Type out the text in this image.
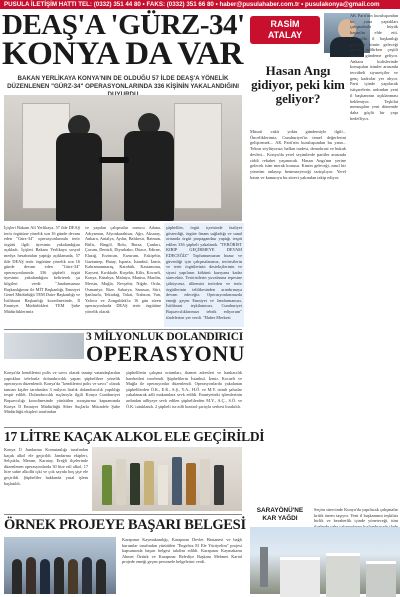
PUSULA İLETİŞİM HATTI TEL: (0332) 351 44 80 • FAKS: (0332) 351 66 80 • haber@pusulahaber.com.tr • pusulakonya@gmail.com
DEAŞ'A 'GÜRZ-34'
KONYA DA VAR
BAKAN YERLİKAYA KONYA'NIN DE OLDUĞU 57 İLDE DEAŞ'A YÖNELİK DÜZENLENEN "GÜRZ-34" OPERASYONLARINDA 336 KİŞİNİN YAKALANDIĞINI
İçişleri Bakanı Ali Yerlikaya, 57 ilde DEAŞ terör örgütüne yönelik son 16 günde devam eden "Gürz-34" operasyonlarında terör örgütü ilgili üyesinin yakalandığını açıkladı. İçişleri Bakanı Yerlikaya sosyal medya hesabından yaptığı açıklamada, 57 ilde DEAŞ terör örgütüne yönelik son 16 günde devam eden "Gürz-34" operasyonlarında 336 şüpheli örgüt üyesinin yakalandığını belirterek şu bilgileri verdi: "Jandarmamız Başkanlığımız ile MİT Başkanlığı, Emniyet Genel Müdürlüğü TEM Daire Başkanlığı ve İstihbarat Başkanlığı koordinesinde, İl Emniyet Müdürlükleri TEM Şube Müdürlüklerimiz
ve yapılan çalışmalar sonucu Adana, Adıyaman, Afyonkarahisar, Ağrı, Aksaray, Ankara, Antalya, Aydın, Balıkesir, Batman, Bitlis, Bingöl, Bolu, Bursa, Çankırı, Çorum, Denizli, Diyarbakır, Düzce, Edirne, Elazığ, Erzincan, Erzurum, Eskişehir, Gaziantep, Hatay, Isparta, İstanbul, İzmir, Kahramanmaraş, Karabük, Kastamonu, Kayseri, Kırıkkale, Kırşehir, Kilis, Kocaeli, Konya, Kütahya, Malatya, Manisa, Mardin, Mersin, Muğla, Nevşehir, Niğde, Ordu, Osmaniye, Rize, Sakarya, Samsun, Siirt, Şanlıurfa, Tekirdağ, Tokat, Trabzon, Van, Yalova ve Zonguldak'ta 16 gün süren operasyonlarda DEAŞ terör örgütüne yönelik olarak
şüpheliler, örgüt içerisinde faaliyet gösterdiği, örgüte finans sağladığı ve sanal ortamda örgüt propagandası yaptığı tespit edilen 336 şüpheli yakalandı. "TERÖRİST KIRIP GEÇİRMEYE DEVAM EDECEĞİZ" Toplumumuzun huzur ve güvenliği için çalışmalarımız, teröristlerin ve terör örgütlerinin destekçilerinin ve siyasi yapıların kökünü kazıyana kadar sürecektir. Teröristlerin yuvalarına tepesine çöküyoruz, ülkemizi terörden ve terör örgütlerinin tehlikesinden arındırmaya devam edeceğiz. Operasyonlarımızda emeği geçen Emniyet ve Jandarmamızı, İstihbarat teşkilatımızı, Cumhuriyet Başsavcılıklarımızı tebrik ediyorum" ifadelerine yer verdi. "Haber Merkezi
3 MİLYONLUK DOLANDIRICI
OPERASYONU
Konya'da kendilerini polis ve savcı olarak tanıtıp vatandaşlardan yaptıkları telefonla dolandırıcılık yapan şüphelilere yönelik operasyon düzenlendi. Konya'da "kendilerini polis ve savcı" olarak tanıtan kişiler tarafından 3 milyon liralık dolandırıcılık yapıldığı tespit edildi. Dolandırıcılık suçlarıyla ilgili Konya Cumhuriyet Başsavcılığı koordinesinde yürütülen soruşturma kapsamında Konya İl Emniyet Müdürlüğü Siber Suçlarla Mücadele Şube Müdürlüğü ekipleri tarafından
şüphelilerin çalışma ortamları, ikamet adresleri ve bankacılık hareketleri incelendi. Şüphelilerin İstanbul, İzmir, Kocaeli ve Muğla ile operasyonlar düzenlendi. Operasyonlarda yakalanan şüphelilerden Ö.K., E.K., S.Ş., Y.A., H.Ö. ve M.Y. isimli şahıslar yakalanarak adli makamlara sevk edildi. Emniyetteki işlemlerinin ardından adliyeye sevk edilen şüphelilerden M.Y., A.Ç., S.Ö. ve Ö.K. tutuklandı. 2 şüpheli ise adli kontrol şartıyla serbest bırakıldı.
17 LİTRE KAÇAK ALKOL ELE GEÇİRİLDİ
Konya İl Jandarma Komutanlığı tarafından kaçak alkol ele geçirildi. Jandarma ekipleri, Selçuklu, Meram, Karatay, Ereğli ilçelerinde düzenlenen operasyonlarda 30 litre etil alkol, 17 litre sahte alkollü içki ve çok sayıda boş şişe ele geçirildi. Şüpheliler hakkında yasal işlem başlatıldı.
ÖRNEK PROJEYE BAŞARI BELGESİ
Karapınar Kaymakamlığı, Karapınar Devlet Hastanesi ve bağlı kurumlar tarafından yürütülen "Engelsiz El Ele Yürüyelim" projesi kapsamında başarı belgesi takdim edildi. Karapınar Kaymakamı Ahmet Öztürk ve Karapınar Belediye Başkanı Mehmet Kartal projede emeği geçen personele belgelerini verdi.
RASİM
ATALAY
Hasan Angı gidiyor, peki kim geliyor?
Müsait vakit yoktu gündemiyle ilgili... Önceliklerimiz, Cumhuriyet'in temel değerlerini geliştirmek... AK Parti'nin kuruluşundan bu yana... Tekrar söylüyoruz; halkın iradesi, demokrasi ve hukuk devleti... Konya'da yerel seçimlerde partiler arasında ciddi rekabet yaşanacak. Hasan Angı'nın yerine gelecek isim merak konusu. Kimin geleceği, nasıl bir yönetim anlayışı benimseyeceği tartışılıyor. Yerel basın ve kamuoyu bu süreci yakından takip ediyor.
AK Parti'nin kuruluşundan bu yana yaptıkları çalışmalarla büyük başarılar elde etti. Konya'da il başkanlığı görevine kimin geleceği merak edilirken çeşitli isimler gündeme geliyor. Ankara kulislerinde konuşulan isimler arasında tecrübeli siyasetçiler ve genç kadrolar yer alıyor. Parti içinde yapılacak istişarelerin ardından yeni il başkanının açıklanması bekleniyor. Teşkilat mensupları yeni dönemde daha güçlü bir yapı hedefliyor.
Seçim sürecinde Konya'da yapılacak çalışmalar kritik önem taşıyor. Yeni il başkanının teşkilatı birlik ve beraberlik içinde yöneteceği, tüm
SARAYÖNÜ'NE KAR YAĞDI
